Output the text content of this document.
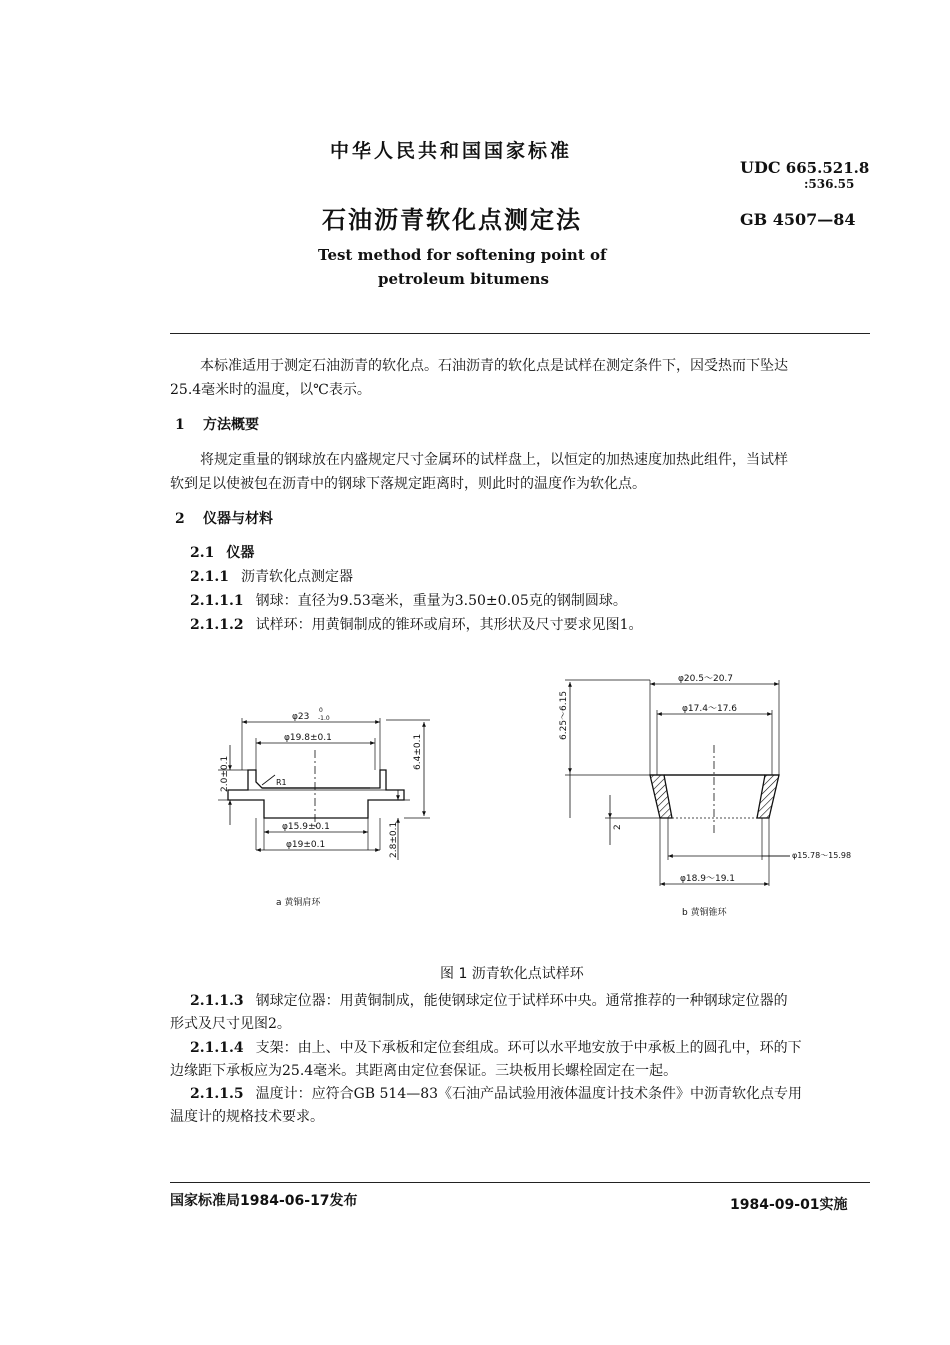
中华人民共和国国家标准
UDC 665.521.8
:536.55
石油沥青软化点测定法	GB 4507—84
Test method for softening point of
petroleum bitumens
本标准适用于测定石油沥青的软化点。石油沥青的软化点是试样在测定条件下，因受热而下坠达
25.4毫米时的温度，以℃表示。
1 方法概要
将规定重量的钢球放在内盛规定尺寸金属环的试样盘上，以恒定的加热速度加热此组件，当试样
软到足以使被包在沥青中的钢球下落规定距离时，则此时的温度作为软化点。
2 仪器与材料
2.1 仪器
2.1.1 沥青软化点测定器
2.1.1.1 钢球：直径为9.53毫米，重量为3.50±0.05克的钢制圆球。
2.1.1.2 试样环：用黄铜制成的锥环或肩环，其形状及尺寸要求见图1。
φ23 -1.0
0
φ19.8±0.1
φ15.9±0.1
φ19±0.1
R1
6.4±0.1
2.0±0.1
2.8±0.1
a 黄铜肩环
φ20.5～20.7
φ17.4～17.6
φ15.78～15.98
φ18.9～19.1
6.25～6.15
2
b 黄铜锥环
图 1 沥青软化点试样环
2.1.1.3 钢球定位器：用黄铜制成，能使钢球定位于试样环中央。通常推荐的一种钢球定位器的
形式及尺寸见图2。
2.1.1.4 支架：由上、中及下承板和定位套组成。环可以水平地安放于中承板上的圆孔中，环的下
边缘距下承板应为25.4毫米。其距离由定位套保证。三块板用长螺栓固定在一起。
2.1.1.5 温度计：应符合GB 514—83《石油产品试验用液体温度计技术条件》中沥青软化点专用
温度计的规格技术要求。
国家标准局1984-06-17发布	1984-09-01实施
